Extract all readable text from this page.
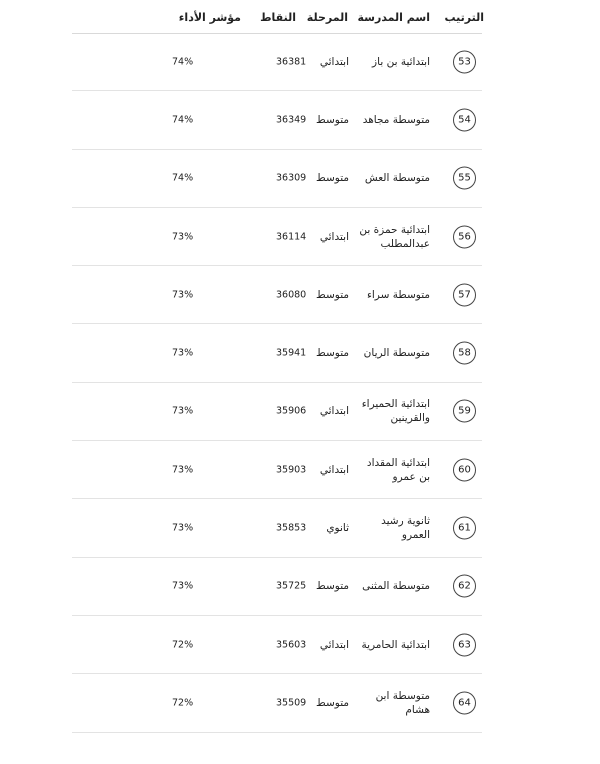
الترتيب
اسم المدرسة
المرحلة
النقاط
مؤشر الأداء
53
ابتدائية بن باز
ابتدائي
36381
74%
54
متوسطة مجاهد
متوسط
36349
74%
55
متوسطة العش
متوسط
36309
74%
56
ابتدائية حمزة بن عبدالمطلب
ابتدائي
36114
73%
57
متوسطة سراء
متوسط
36080
73%
58
متوسطة الريان
متوسط
35941
73%
59
ابتدائية الحميراء والقرينين
ابتدائي
35906
73%
60
ابتدائية المقداد بن عمرو
ابتدائي
35903
73%
61
ثانوية رشيد العمرو
ثانوي
35853
73%
62
متوسطة المثنى
متوسط
35725
73%
63
ابتدائية الحامرية
ابتدائي
35603
72%
64
متوسطة ابن هشام
متوسط
35509
72%
